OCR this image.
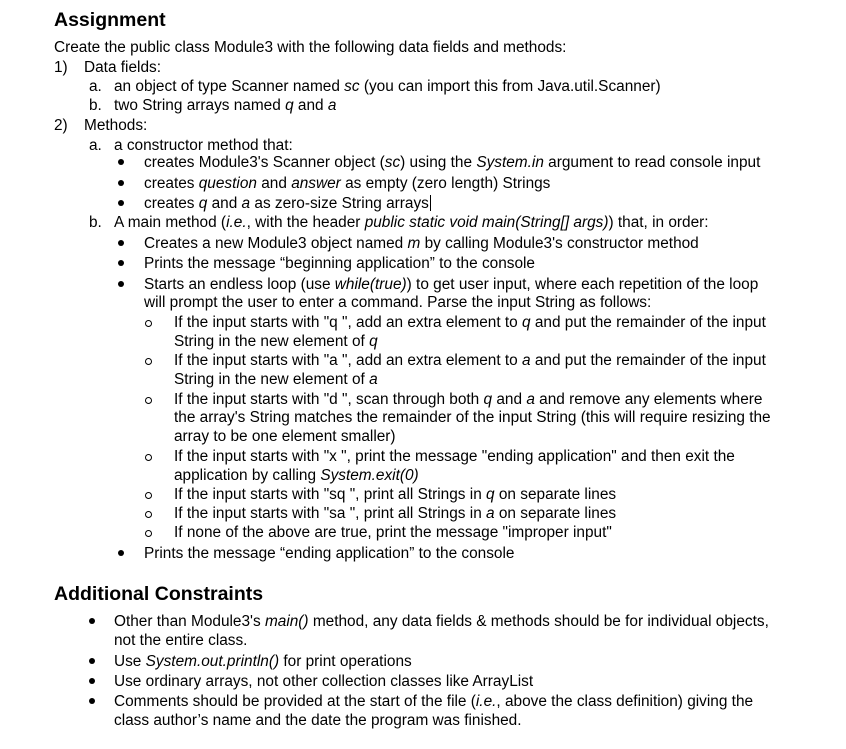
Assignment
Create the public class Module3 with the following data fields and methods:
1) Data fields:
a. an object of type Scanner named sc (you can import this from Java.util.Scanner)
b. two String arrays named q and a
2) Methods:
a. a constructor method that:
creates Module3's Scanner object (sc) using the System.in argument to read console input
creates question and answer as empty (zero length) Strings
creates q and a as zero-size String arrays
b. A main method (i.e., with the header public static void main(String[] args)) that, in order:
Creates a new Module3 object named m by calling Module3's constructor method
Prints the message “beginning application” to the console
Starts an endless loop (use while(true)) to get user input, where each repetition of the loop
will prompt the user to enter a command. Parse the input String as follows:
If the input starts with "q ", add an extra element to q and put the remainder of the input
String in the new element of q
If the input starts with "a ", add an extra element to a and put the remainder of the input
String in the new element of a
If the input starts with "d ", scan through both q and a and remove any elements where
the array's String matches the remainder of the input String (this will require resizing the
array to be one element smaller)
If the input starts with "x ", print the message "ending application" and then exit the
application by calling System.exit(0)
If the input starts with "sq ", print all Strings in q on separate lines
If the input starts with "sa ", print all Strings in a on separate lines
If none of the above are true, print the message "improper input"
Prints the message “ending application” to the console
Additional Constraints
Other than Module3's main() method, any data fields & methods should be for individual objects,
not the entire class.
Use System.out.println() for print operations
Use ordinary arrays, not other collection classes like ArrayList
Comments should be provided at the start of the file (i.e., above the class definition) giving the
class author’s name and the date the program was finished.
